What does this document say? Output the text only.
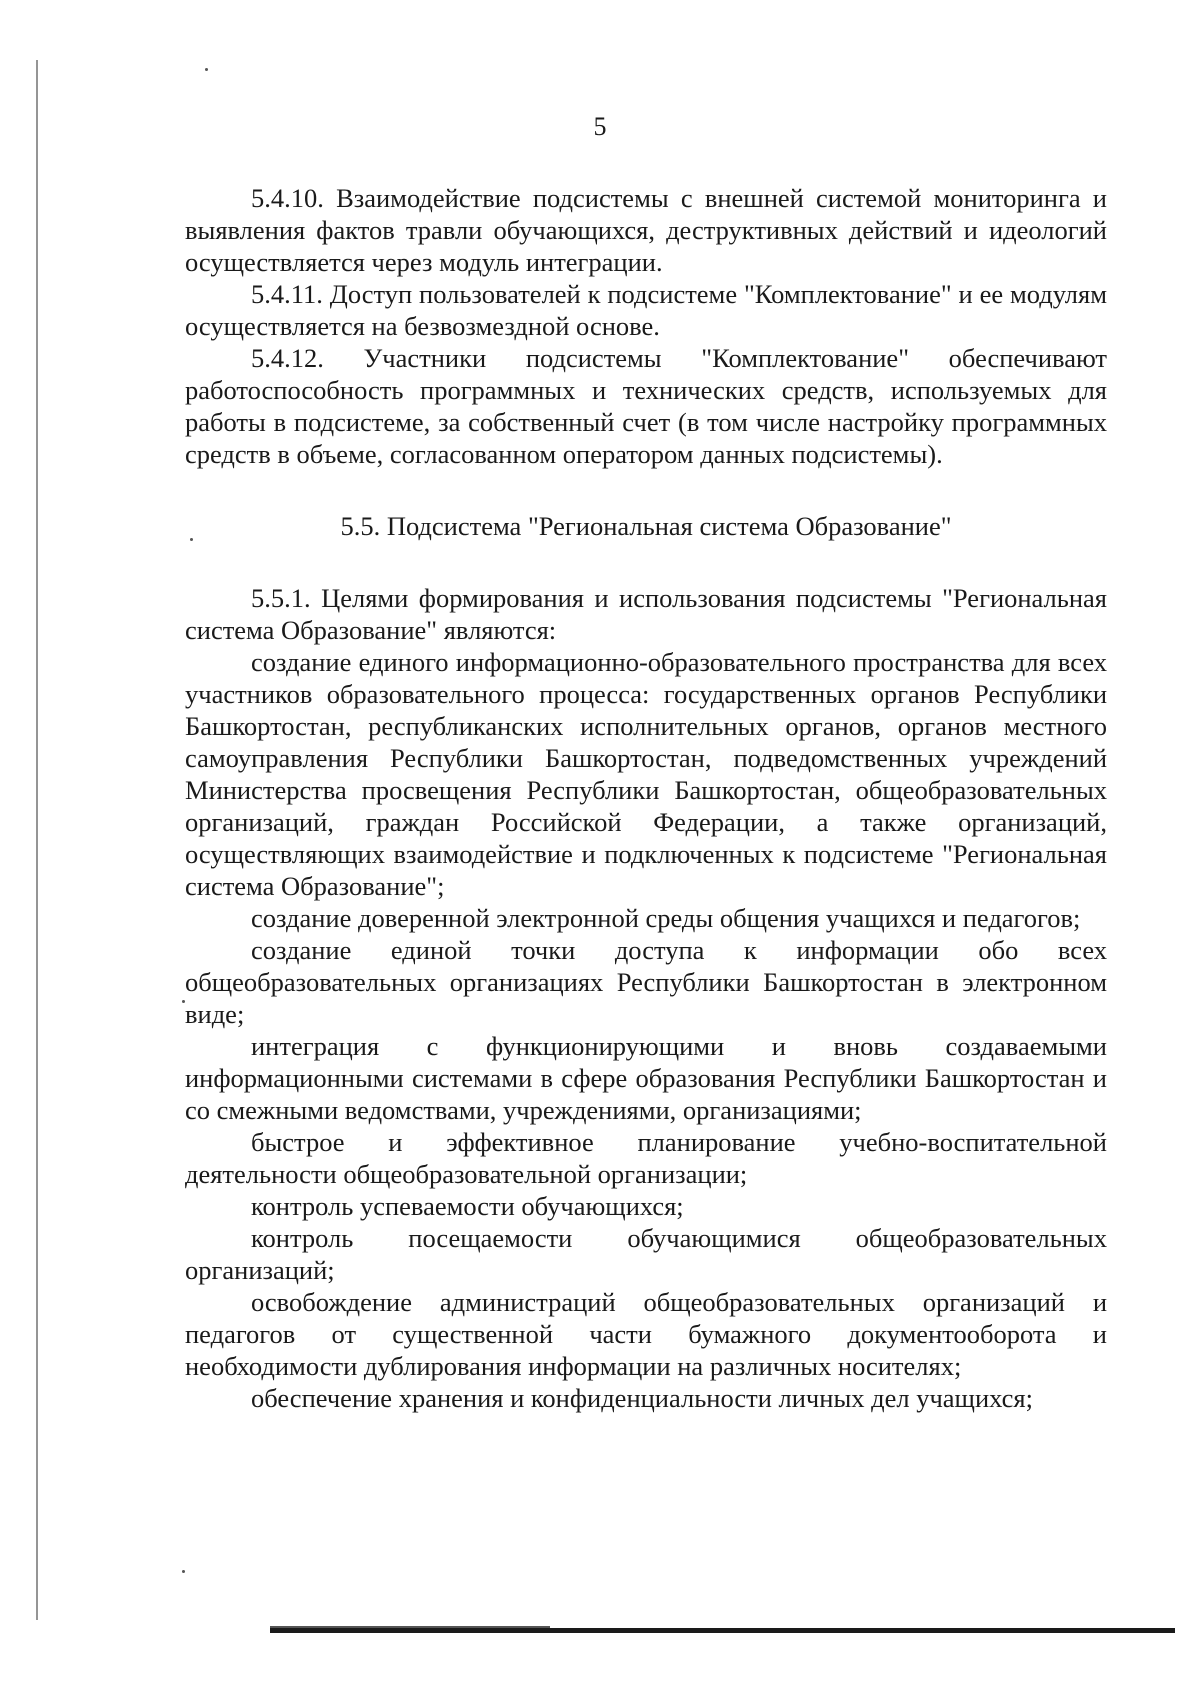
5

5.4.10. Взаимодействие подсистемы с внешней системой мониторинга и выявления фактов травли обучающихся, деструктивных действий и идеологий осуществляется через модуль интеграции.

5.4.11. Доступ пользователей к подсистеме "Комплектование" и ее модулям осуществляется на безвозмездной основе.

5.4.12. Участники подсистемы "Комплектование" обеспечивают работоспособность программных и технических средств, используемых для работы в подсистеме, за собственный счет (в том числе настройку программных средств в объеме, согласованном оператором данных подсистемы).

5.5. Подсистема "Региональная система Образование"

5.5.1. Целями формирования и использования подсистемы "Региональная система Образование" являются:

создание единого информационно-образовательного пространства для всех участников образовательного процесса: государственных органов Республики Башкортостан, республиканских исполнительных органов, органов местного самоуправления Республики Башкортостан, подведомственных учреждений Министерства просвещения Республики Башкортостан, общеобразовательных организаций, граждан Российской Федерации, а также организаций, осуществляющих взаимодействие и подключенных к подсистеме "Региональная система Образование";

создание доверенной электронной среды общения учащихся и педагогов;

создание единой точки доступа к информации обо всех общеобразовательных организациях Республики Башкортостан в электронном виде;

интеграция с функционирующими и вновь создаваемыми информационными системами в сфере образования Республики Башкортостан и со смежными ведомствами, учреждениями, организациями;

быстрое и эффективное планирование учебно-воспитательной деятельности общеобразовательной организации;

контроль успеваемости обучающихся;

контроль посещаемости обучающимися общеобразовательных организаций;

освобождение администраций общеобразовательных организаций и педагогов от существенной части бумажного документооборота и необходимости дублирования информации на различных носителях;

обеспечение хранения и конфиденциальности личных дел учащихся;
